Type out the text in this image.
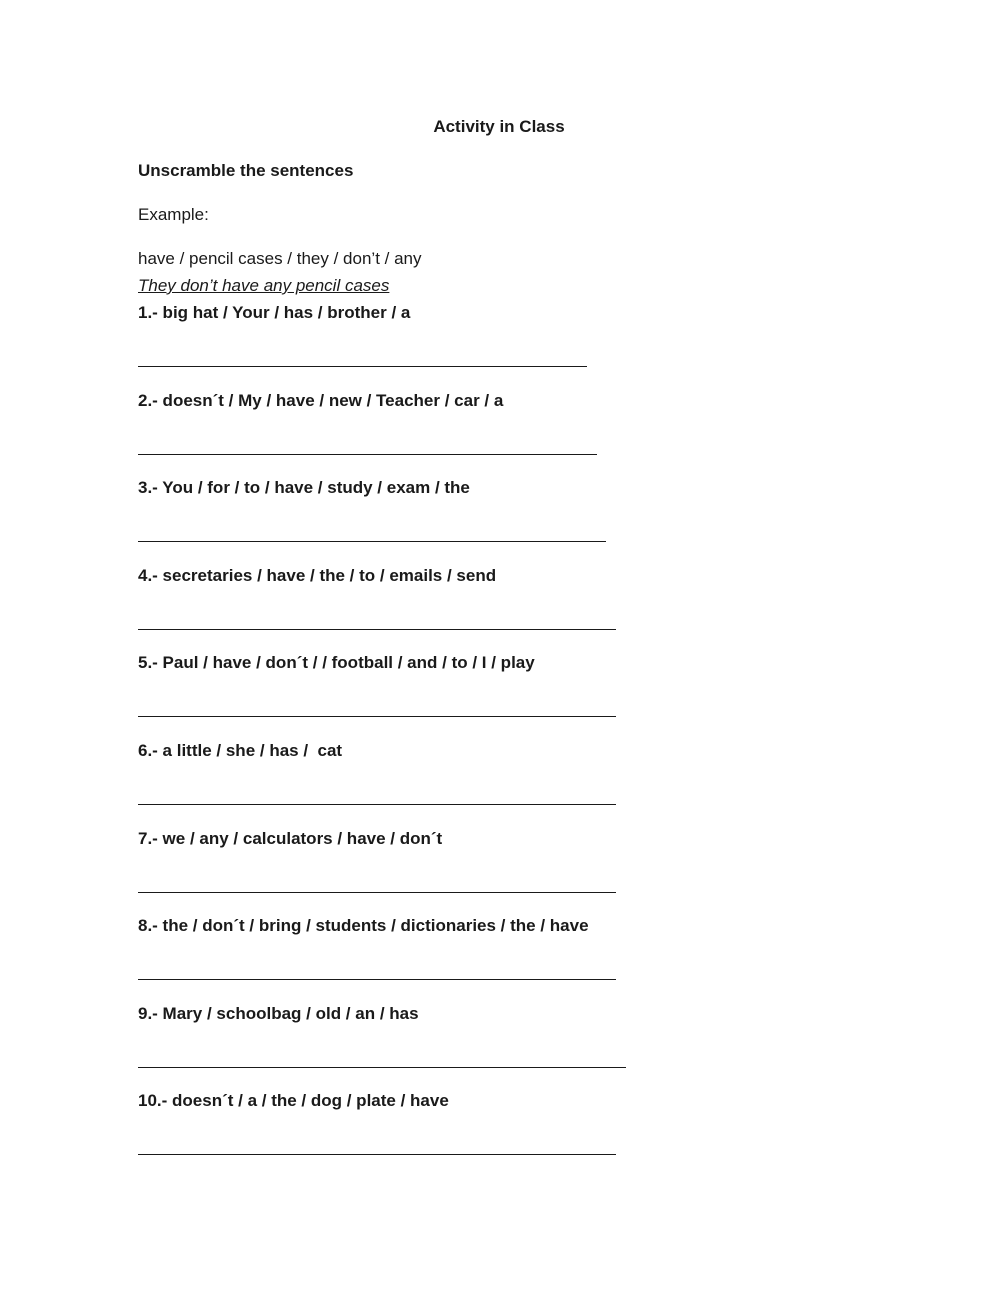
Activity in Class
Unscramble the sentences
Example:
have / pencil cases / they / don’t / any
They don’t have any pencil cases
1.- big hat / Your / has / brother / a
2.- doesn´t / My / have / new / Teacher / car / a
3.- You / for / to / have / study / exam / the
4.- secretaries / have / the / to / emails / send
5.- Paul / have / don´t / / football / and / to / I / play
6.- a little / she / has /  cat
7.- we / any / calculators / have / don´t
8.- the / don´t / bring / students / dictionaries / the / have
9.- Mary / schoolbag / old / an / has
10.- doesn´t / a / the / dog / plate / have
